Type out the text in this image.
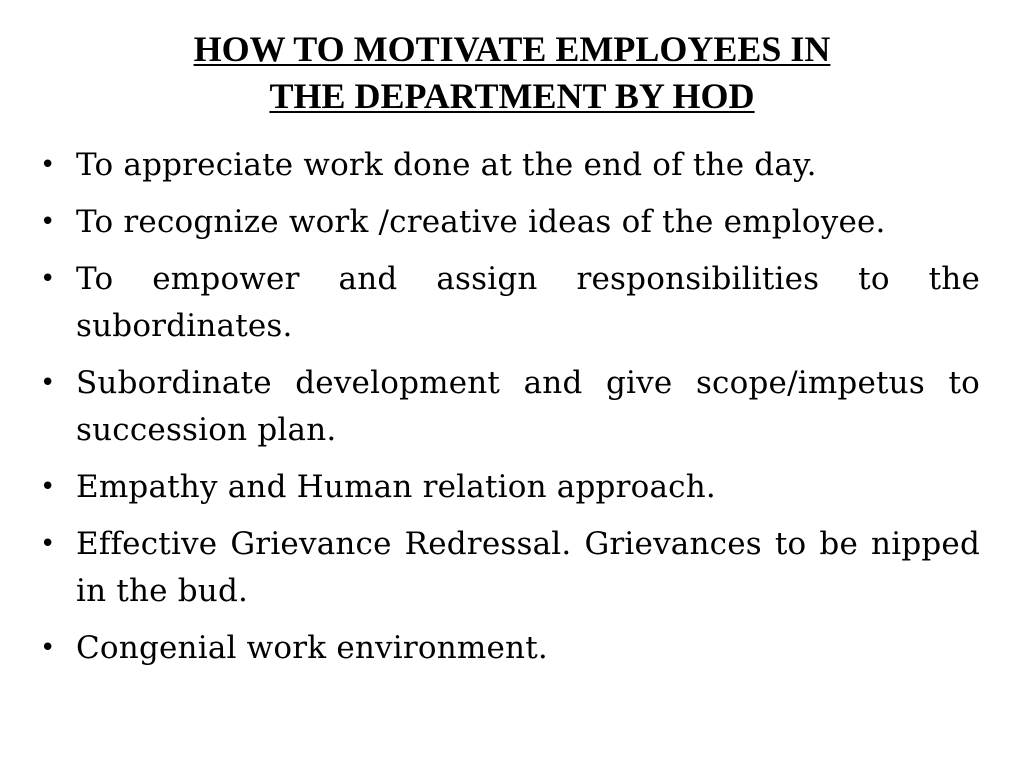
HOW TO MOTIVATE EMPLOYEES IN
THE DEPARTMENT BY HOD
• To appreciate work done at the end of the day.
• To recognize work /creative ideas of the employee.
• To empower and assign responsibilities to the subordinates.
• Subordinate development and give scope/impetus to succession plan.
• Empathy and Human relation approach.
• Effective Grievance Redressal. Grievances to be nipped in the bud.
• Congenial work environment.
